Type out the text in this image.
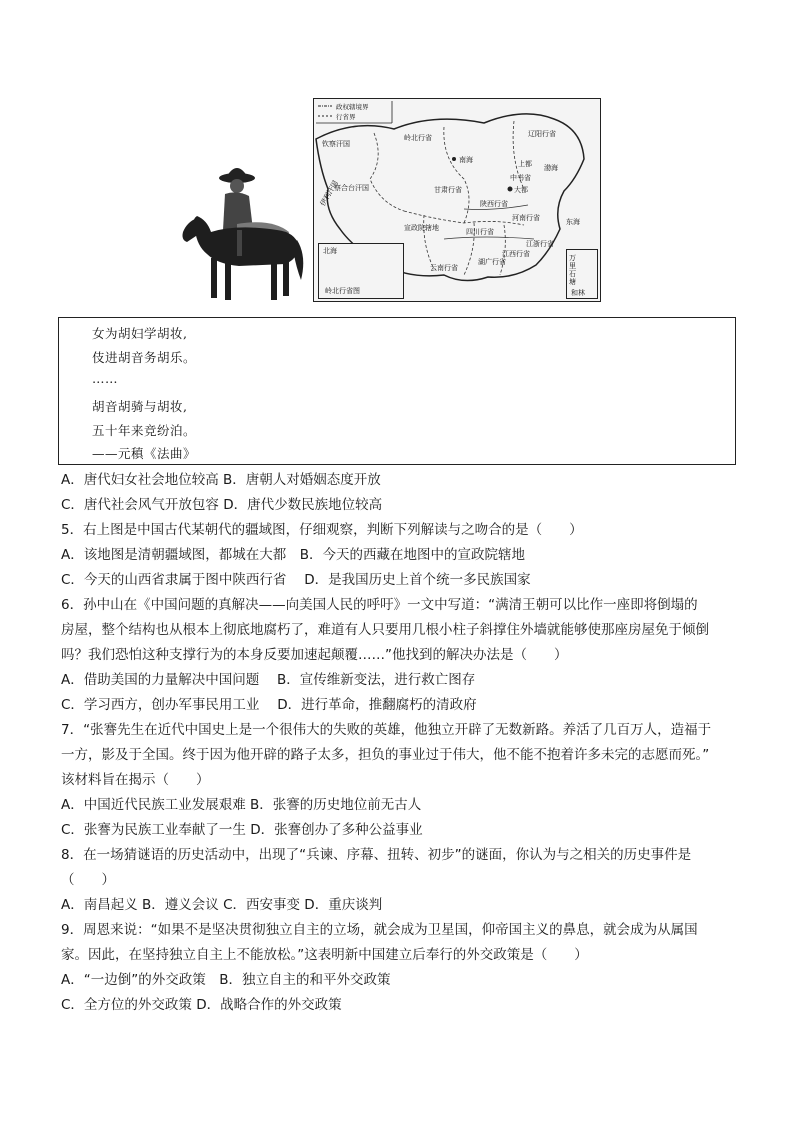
政权辖境界
行省界
钦察汗国
岭北行省
察合台汗国
伊利汗国	甘肃行省
陕西行省
中书省
辽阳行省
宣政院辖地	四川行省
河南行省
江浙行省
江西行省
湖广行省
云南行省
东海
渤海
南海
大都
上都
北海
岭北行省图
万里石塘
和林
女为胡妇学胡妆,
伎进胡音务胡乐。
……
胡音胡骑与胡妆,
五十年来竞纷泊。
——元稹《法曲》
A．唐代妇女社会地位较高 B．唐朝人对婚姻态度开放
C．唐代社会风气开放包容 D．唐代少数民族地位较高
5．右上图是中国古代某朝代的疆域图，仔细观察，判断下列解读与之吻合的是（　　）
A．该地图是清朝疆域图，都城在大都　B．今天的西藏在地图中的宣政院辖地
C．今天的山西省隶属于图中陕西行省　 D．是我国历史上首个统一多民族国家
6．孙中山在《中国问题的真解决——向美国人民的呼吁》一文中写道：“满清王朝可以比作一座即将倒塌的
房屋，整个结构也从根本上彻底地腐朽了，难道有人只要用几根小柱子斜撑住外墙就能够使那座房屋免于倾倒
吗？我们恐怕这种支撑行为的本身反要加速起颠覆……”他找到的解决办法是（　　）
A．借助美国的力量解决中国问题　 B．宣传维新变法，进行救亡图存
C．学习西方，创办军事民用工业　 D．进行革命，推翻腐朽的清政府
7．“张謇先生在近代中国史上是一个很伟大的失败的英雄，他独立开辟了无数新路。养活了几百万人，造福于
一方，影及于全国。终于因为他开辟的路子太多，担负的事业过于伟大，他不能不抱着许多未完的志愿而死。”
该材料旨在揭示（　　）
A．中国近代民族工业发展艰难 B．张謇的历史地位前无古人
C．张謇为民族工业奉献了一生 D．张謇创办了多种公益事业
8．在一场猜谜语的历史活动中，出现了“兵谏、序幕、扭转、初步”的谜面，你认为与之相关的历史事件是
（　　）
A．南昌起义 B．遵义会议 C．西安事变 D．重庆谈判
9．周恩来说：“如果不是坚决贯彻独立自主的立场，就会成为卫星国，仰帝国主义的鼻息，就会成为从属国
家。因此，在坚持独立自主上不能放松。”这表明新中国建立后奉行的外交政策是（　　）
A．“一边倒”的外交政策　B．独立自主的和平外交政策
C．全方位的外交政策 D．战略合作的外交政策
